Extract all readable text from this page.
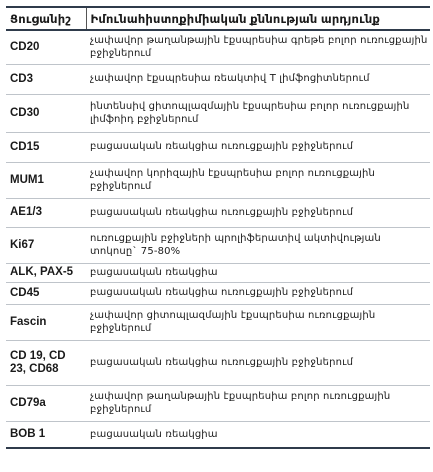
Ցուցանիշ	Իմունահիստոքիմիական քննության արդյունք
CD20	չափավոր թաղանթային էքսպրեսիա գրեթե բոլոր ուռուցքային բջիջներում
CD3	չափավոր էքսպրեսիա ռեակտիվ T լիմֆոցիտներում
CD30	ինտենսիվ ցիտոպլազմային էքսպրեսիա բոլոր ուռուցքային լիմֆոիդ բջիջներում
CD15	բացասական ռեակցիա ուռուցքային բջիջներում
MUM1	չափավոր կորիզային էքսպրեսիա բոլոր ուռուցքային բջիջներում
AE1/3	բացասական ռեակցիա ուռուցքային բջիջներում
Ki67	ուռուցքային բջիջների պրոլիֆերատիվ ակտիվության տոկոսը` 75-80%
ALK, PAX-5	բացասական ռեակցիա
CD45	բացասական ռեակցիա ուռուցքային բջիջներում
Fascin	չափավոր ցիտոպլազմային էքսպրեսիա ուռուցքային բջիջներում
CD 19, CD 23, CD68	բացասական ռեակցիա ուռուցքային բջիջներում
CD79a	չափավոր թաղանթային էքսպրեսիա բոլոր ուռուցքային բջիջներում
BOB 1	բացասական ռեակցիա
